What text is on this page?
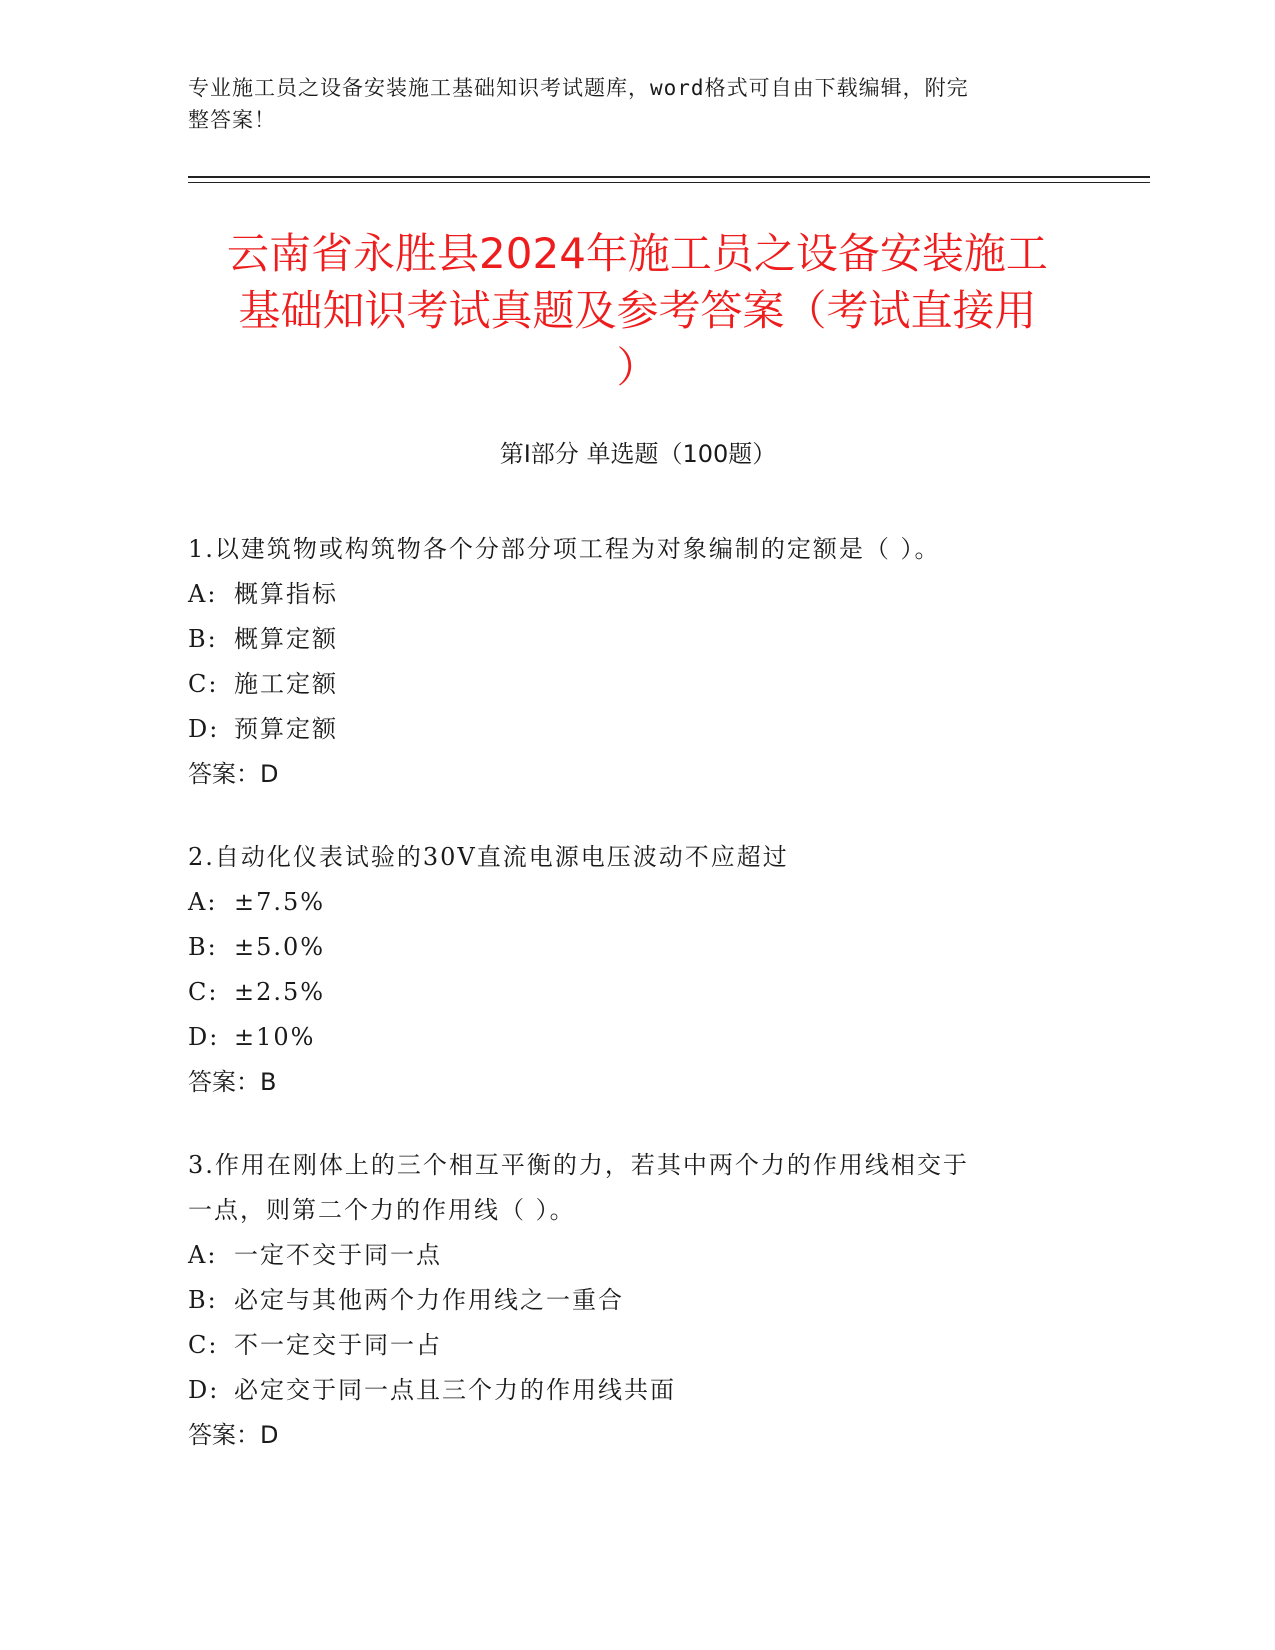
专业施工员之设备安装施工基础知识考试题库，word格式可自由下载编辑，附完
整答案！
云南省永胜县2024年施工员之设备安装施工
基础知识考试真题及参考答案（考试直接用
）
第Ⅰ部分 单选题（100题）
1.以建筑物或构筑物各个分部分项工程为对象编制的定额是（ ）。
A: 概算指标
B: 概算定额
C: 施工定额
D: 预算定额
答案：D
2.自动化仪表试验的30V直流电源电压波动不应超过
A: ±7.5%
B: ±5.0%
C: ±2.5%
D: ±10%
答案：B
3.作用在刚体上的三个相互平衡的力，若其中两个力的作用线相交于
一点，则第二个力的作用线（ ）。
A: 一定不交于同一点
B: 必定与其他两个力作用线之一重合
C: 不一定交于同一占
D: 必定交于同一点且三个力的作用线共面
答案：D
